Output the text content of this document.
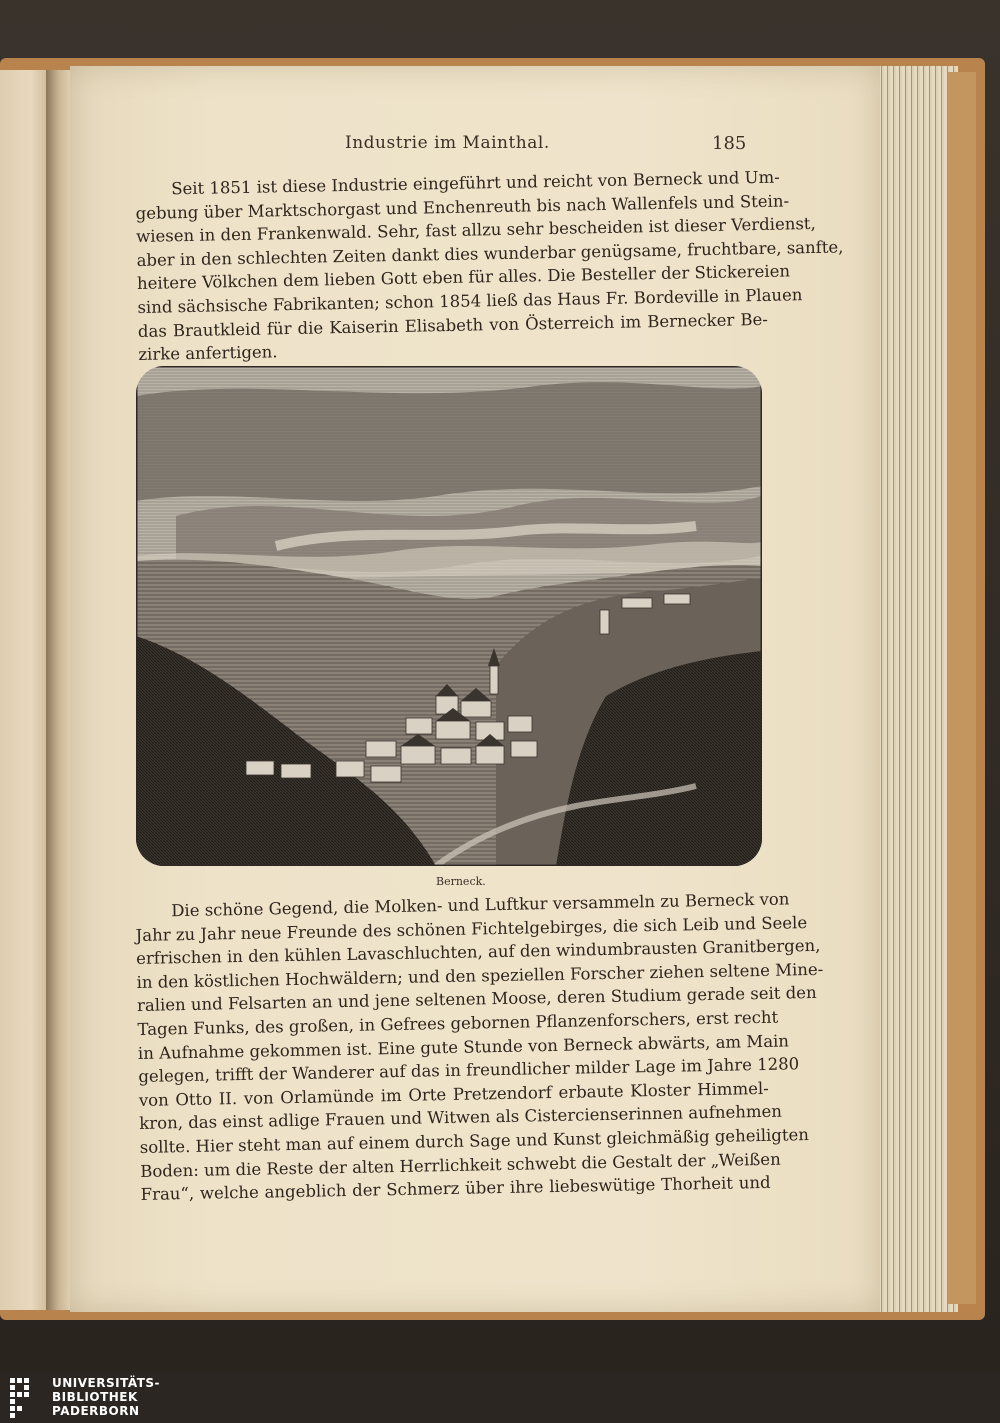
Industrie im Mainthal.	185
Seit 1851 ist diese Industrie eingeführt und reicht von Berneck und Um-
gebung über Marktschorgast und Enchenreuth bis nach Wallenfels und Stein-
wiesen in den Frankenwald. Sehr, fast allzu sehr bescheiden ist dieser Verdienst,
aber in den schlechten Zeiten dankt dies wunderbar genügsame, fruchtbare, sanfte,
heitere Völkchen dem lieben Gott eben für alles. Die Besteller der Stickereien
sind sächsische Fabrikanten; schon 1854 ließ das Haus Fr. Bordeville in Plauen
das Brautkleid für die Kaiserin Elisabeth von Österreich im Bernecker Be-
zirke anfertigen.
Berneck.
Die schöne Gegend, die Molken- und Luftkur versammeln zu Berneck von
Jahr zu Jahr neue Freunde des schönen Fichtelgebirges, die sich Leib und Seele
erfrischen in den kühlen Lavaschluchten, auf den windumbrausten Granitbergen,
in den köstlichen Hochwäldern; und den speziellen Forscher ziehen seltene Mine-
ralien und Felsarten an und jene seltenen Moose, deren Studium gerade seit den
Tagen Funks, des großen, in Gefrees gebornen Pflanzenforschers, erst recht
in Aufnahme gekommen ist. Eine gute Stunde von Berneck abwärts, am Main
gelegen, trifft der Wanderer auf das in freundlicher milder Lage im Jahre 1280
von Otto II. von Orlamünde im Orte Pretzendorf erbaute Kloster Himmel-
kron, das einst adlige Frauen und Witwen als Cistercienserinnen aufnehmen
sollte. Hier steht man auf einem durch Sage und Kunst gleichmäßig geheiligten
Boden: um die Reste der alten Herrlichkeit schwebt die Gestalt der „Weißen
Frau“, welche angeblich der Schmerz über ihre liebeswütige Thorheit und
UNIVERSITÄTS-
BIBLIOTHEK
PADERBORN
